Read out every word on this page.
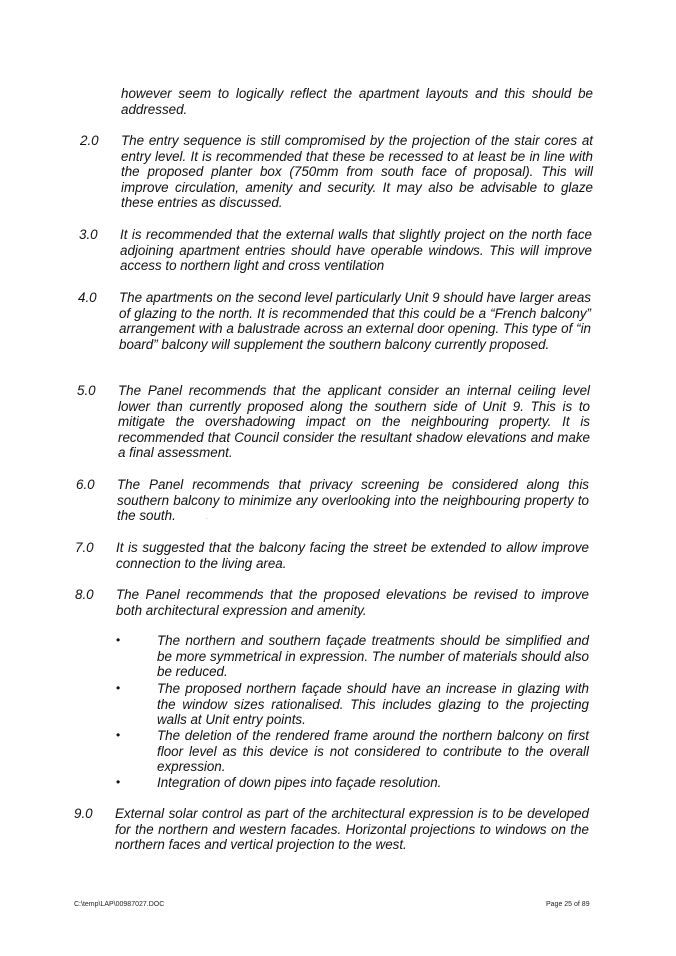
however seem to logically reflect the apartment layouts and this should be addressed.

2.0 The entry sequence is still compromised by the projection of the stair cores at entry level. It is recommended that these be recessed to at least be in line with the proposed planter box (750mm from south face of proposal). This will improve circulation, amenity and security. It may also be advisable to glaze these entries as discussed.

3.0 It is recommended that the external walls that slightly project on the north face adjoining apartment entries should have operable windows. This will improve access to northern light and cross ventilation

4.0 The apartments on the second level particularly Unit 9 should have larger areas of glazing to the north. It is recommended that this could be a “French balcony” arrangement with a balustrade across an external door opening. This type of “in board” balcony will supplement the southern balcony currently proposed.

5.0 The Panel recommends that the applicant consider an internal ceiling level lower than currently proposed along the southern side of Unit 9. This is to mitigate the overshadowing impact on the neighbouring property. It is recommended that Council consider the resultant shadow elevations and make a final assessment.

6.0 The Panel recommends that privacy screening be considered along this southern balcony to minimize any overlooking into the neighbouring property to the south.	.
7.0 It is suggested that the balcony facing the street be extended to allow improve connection to the living area.

8.0 The Panel recommends that the proposed elevations be revised to improve both architectural expression and amenity.

•	The northern and southern façade treatments should be simplified and be more symmetrical in expression. The number of materials should also be reduced.

•	The proposed northern façade should have an increase in glazing with the window sizes rationalised. This includes glazing to the projecting walls at Unit entry points.

•	The deletion of the rendered frame around the northern balcony on first floor level as this device is not considered to contribute to the overall expression.

•	Integration of down pipes into façade resolution.

9.0 External solar control as part of the architectural expression is to be developed for the northern and western facades. Horizontal projections to windows on the northern faces and vertical projection to the west.

C:\temp\LAP\00987027.DOC	Page 25 of 89
